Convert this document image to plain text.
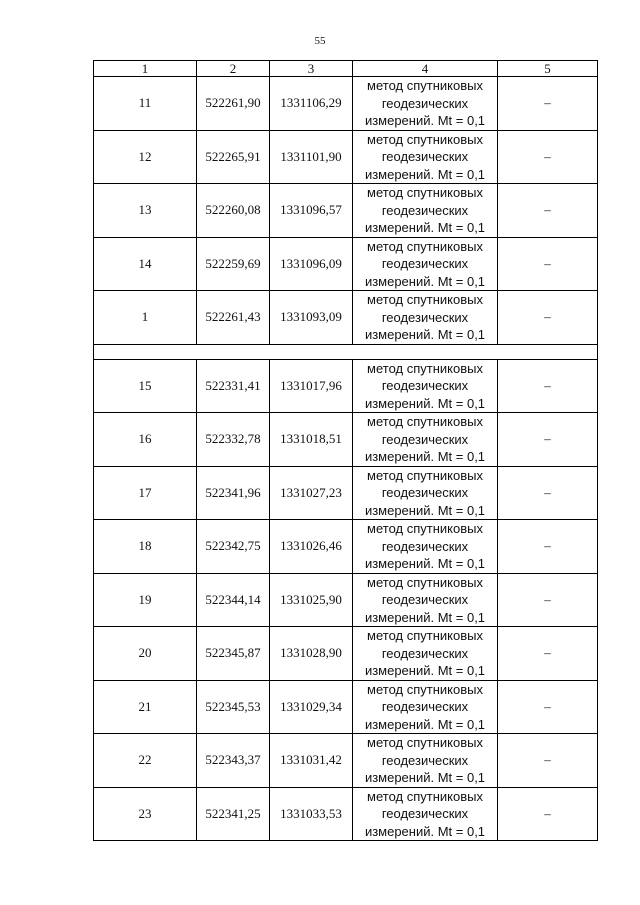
55
1	2	3	4	5
11	522261,90	1331106,29	метод спутниковых
геодезических
измерений. Mt = 0,1	–
12	522265,91	1331101,90	метод спутниковых
геодезических
измерений. Mt = 0,1	–
13	522260,08	1331096,57	метод спутниковых
геодезических
измерений. Mt = 0,1	–
14	522259,69	1331096,09	метод спутниковых
геодезических
измерений. Mt = 0,1	–
1	522261,43	1331093,09	метод спутниковых
геодезических
измерений. Mt = 0,1	–

15	522331,41	1331017,96	метод спутниковых
геодезических
измерений. Mt = 0,1	–
16	522332,78	1331018,51	метод спутниковых
геодезических
измерений. Mt = 0,1	–
17	522341,96	1331027,23	метод спутниковых
геодезических
измерений. Mt = 0,1	–
18	522342,75	1331026,46	метод спутниковых
геодезических
измерений. Mt = 0,1	–
19	522344,14	1331025,90	метод спутниковых
геодезических
измерений. Mt = 0,1	–
20	522345,87	1331028,90	метод спутниковых
геодезических
измерений. Mt = 0,1	–
21	522345,53	1331029,34	метод спутниковых
геодезических
измерений. Mt = 0,1	–
22	522343,37	1331031,42	метод спутниковых
геодезических
измерений. Mt = 0,1	–
23	522341,25	1331033,53	метод спутниковых
геодезических
измерений. Mt = 0,1	–
